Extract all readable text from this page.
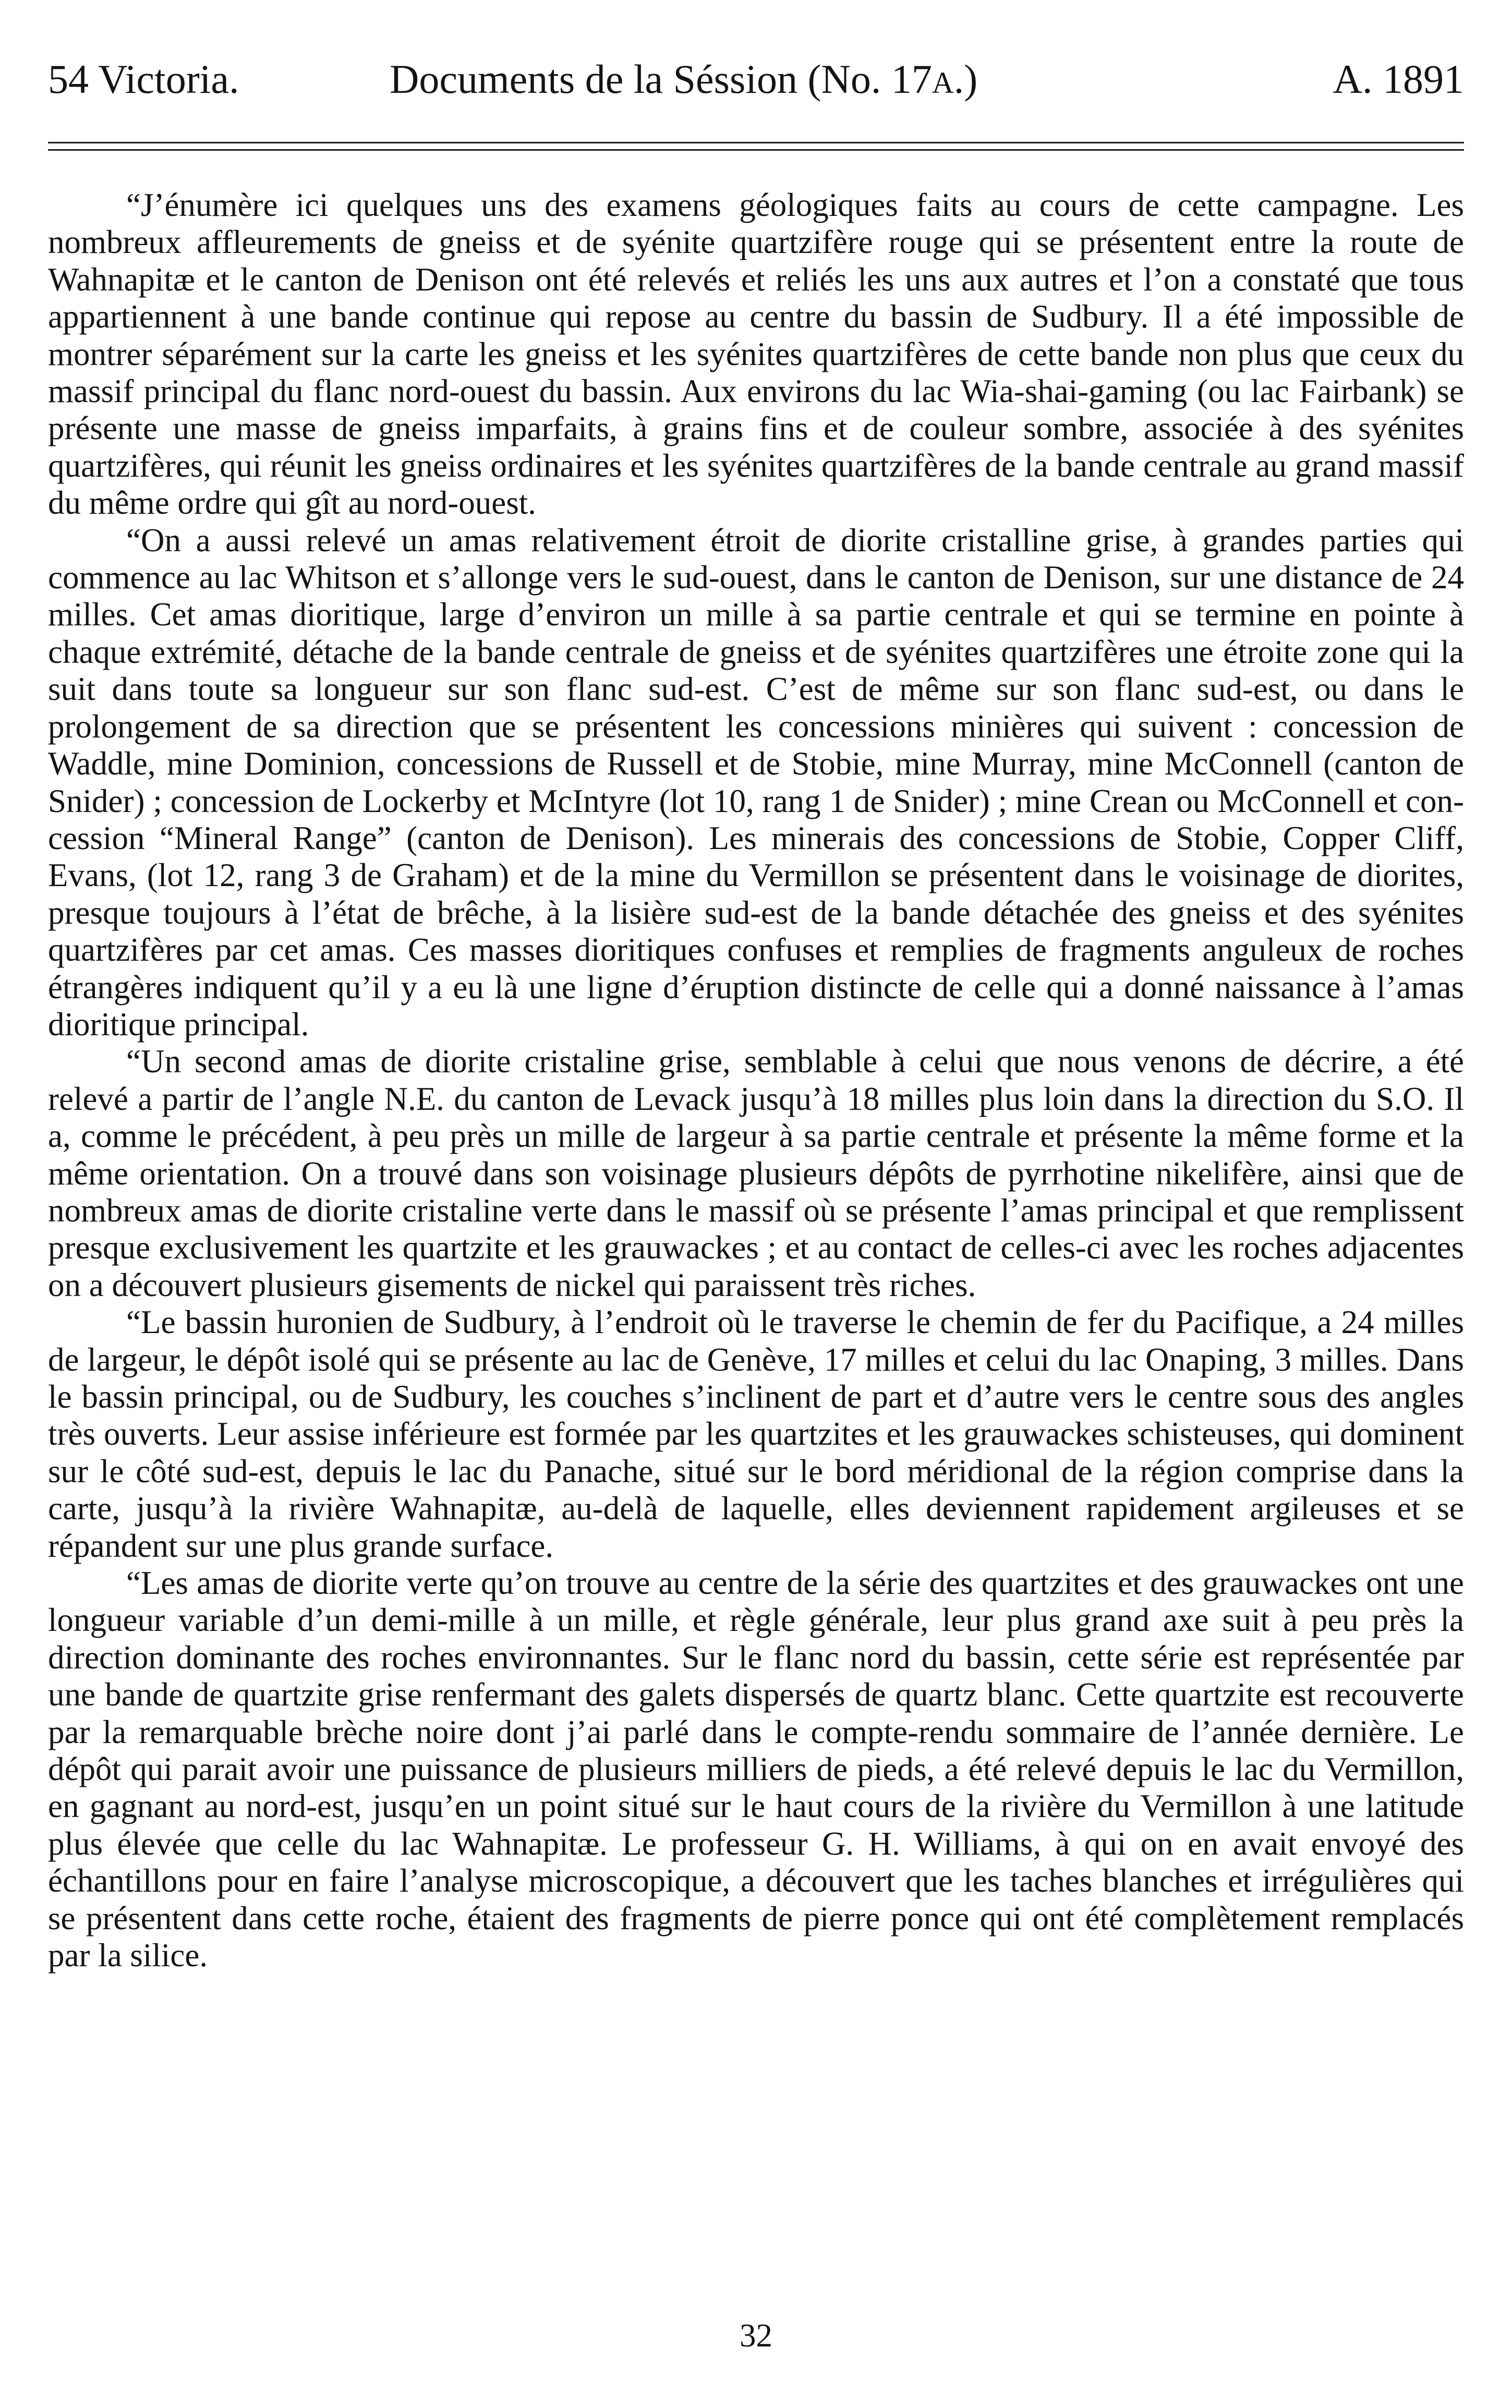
54 Victoria.	Documents de la Séssion (No. 17A.)	A. 1891

“J’énumère ici quelques uns des examens géologiques faits au cours de cette campagne. Les nombreux affleurements de gneiss et de syénite quartzifère rouge qui se présentent entre la route de Wahnapitæ et le canton de Denison ont été relevés et reliés les uns aux autres et l’on a constaté que tous appartiennent à une bande continue qui repose au centre du bassin de Sudbury. Il a été impossible de montrer séparément sur la carte les gneiss et les syénites quartzifères de cette bande non plus que ceux du massif principal du flanc nord-ouest du bassin. Aux environs du lac Wia-shai-gaming (ou lac Fairbank) se présente une masse de gneiss imparfaits, à grains fins et de couleur sombre, associée à des syénites quartzifères, qui réunit les gneiss ordinaires et les syénites quartzifères de la bande centrale au grand massif du même ordre qui gît au nord-ouest.

“On a aussi relevé un amas relativement étroit de diorite cristalline grise, à grandes parties qui commence au lac Whitson et s’allonge vers le sud-ouest, dans le canton de Denison, sur une distance de 24 milles. Cet amas dioritique, large d’environ un mille à sa partie centrale et qui se termine en pointe à chaque extrémité, détache de la bande centrale de gneiss et de syénites quartzifères une étroite zone qui la suit dans toute sa longueur sur son flanc sud-est. C’est de même sur son flanc sud-est, ou dans le prolongement de sa direction que se présentent les concessions minières qui suivent : concession de Waddle, mine Dominion, concessions de Russell et de Stobie, mine Murray, mine McConnell (canton de Snider) ; concession de Lockerby et McIntyre (lot 10, rang 1 de Snider) ; mine Crean ou McConnell et concession “Mineral Range” (canton de Denison). Les minerais des concessions de Stobie, Copper Cliff, Evans, (lot 12, rang 3 de Graham) et de la mine du Vermillon se présentent dans le voisinage de diorites, presque toujours à l’état de brêche, à la lisière sud-est de la bande détachée des gneiss et des syénites quartzifères par cet amas. Ces masses dioritiques confuses et remplies de fragments anguleux de roches étrangères indiquent qu’il y a eu là une ligne d’éruption distincte de celle qui a donné naissance à l’amas dioritique principal.

“Un second amas de diorite cristaline grise, semblable à celui que nous venons de décrire, a été relevé a partir de l’angle N.E. du canton de Levack jusqu’à 18 milles plus loin dans la direction du S.O. Il a, comme le précédent, à peu près un mille de largeur à sa partie centrale et présente la même forme et la même orientation. On a trouvé dans son voisinage plusieurs dépôts de pyrrhotine nikelifère, ainsi que de nombreux amas de diorite cristaline verte dans le massif où se présente l’amas principal et que remplissent presque exclusivement les quartzite et les grauwackes ; et au contact de celles-ci avec les roches adjacentes on a découvert plusieurs gisements de nickel qui paraissent très riches.

“Le bassin huronien de Sudbury, à l’endroit où le traverse le chemin de fer du Pacifique, a 24 milles de largeur, le dépôt isolé qui se présente au lac de Genève, 17 milles et celui du lac Onaping, 3 milles. Dans le bassin principal, ou de Sudbury, les couches s’inclinent de part et d’autre vers le centre sous des angles très ouverts. Leur assise inférieure est formée par les quartzites et les grauwackes schisteuses, qui dominent sur le côté sud-est, depuis le lac du Panache, situé sur le bord méridional de la région comprise dans la carte, jusqu’à la rivière Wahnapitæ, au-delà de laquelle, elles deviennent rapidement argileuses et se répandent sur une plus grande surface.

“Les amas de diorite verte qu’on trouve au centre de la série des quartzites et des grauwackes ont une longueur variable d’un demi-mille à un mille, et règle générale, leur plus grand axe suit à peu près la direction dominante des roches environnantes. Sur le flanc nord du bassin, cette série est représentée par une bande de quartzite grise renfermant des galets dispersés de quartz blanc. Cette quartzite est recouverte par la remarquable brèche noire dont j’ai parlé dans le compte-rendu sommaire de l’année dernière. Le dépôt qui parait avoir une puissance de plusieurs milliers de pieds, a été relevé depuis le lac du Vermillon, en gagnant au nord-est, jusqu’en un point situé sur le haut cours de la rivière du Vermillon à une latitude plus élevée que celle du lac Wahnapitæ. Le professeur G. H. Williams, à qui on en avait envoyé des échantillons pour en faire l’analyse microscopique, a découvert que les taches blanches et irrégulières qui se présentent dans cette roche, étaient des fragments de pierre ponce qui ont été complètement remplacés par la silice.

32
